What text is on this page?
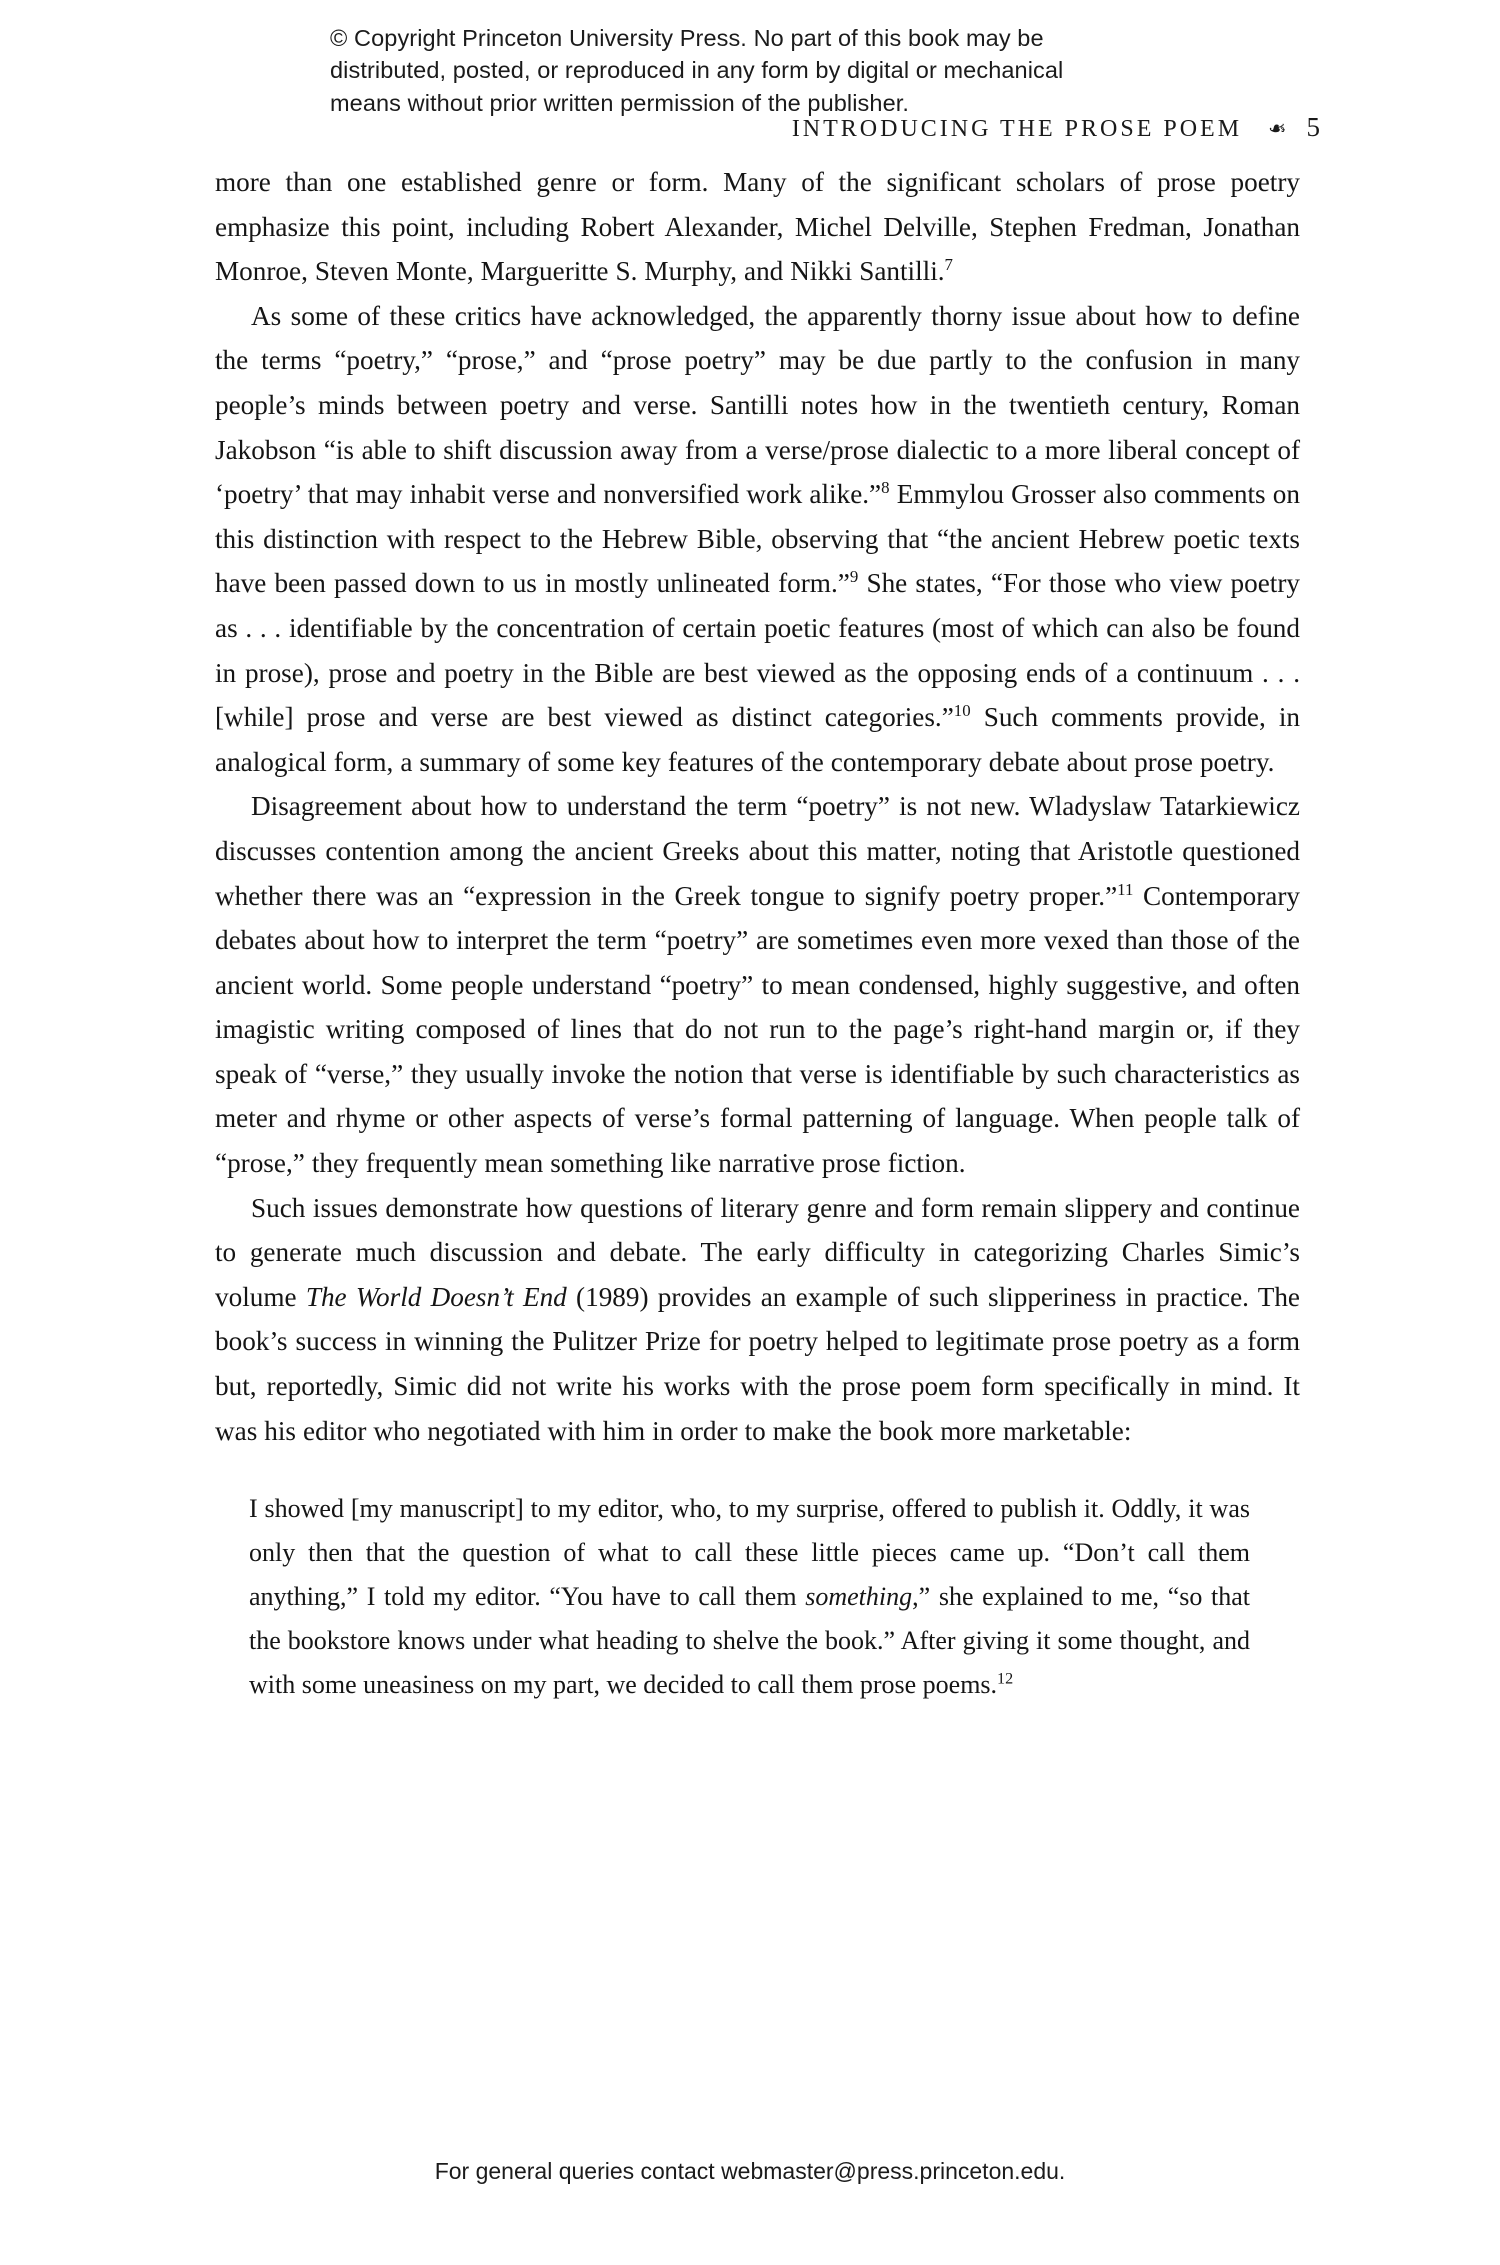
© Copyright Princeton University Press. No part of this book may be
distributed, posted, or reproduced in any form by digital or mechanical
means without prior written permission of the publisher.
INTRODUCING THE PROSE POEM ❧ 5

more than one established genre or form. Many of the significant scholars of prose poetry emphasize this point, including Robert Alexander, Michel Delville, Stephen Fredman, Jonathan Monroe, Steven Monte, Margueritte S. Murphy, and Nikki Santilli.$^7$

As some of these critics have acknowledged, the apparently thorny issue about how to define the terms “poetry,” “prose,” and “prose poetry” may be due partly to the confusion in many people’s minds between poetry and verse. Santilli notes how in the twentieth century, Roman Jakobson “is able to shift discussion away from a verse/prose dialectic to a more liberal concept of ‘poetry’ that may inhabit verse and nonversified work alike.”$^8$ Emmylou Grosser also comments on this distinction with respect to the Hebrew Bible, observing that “the ancient Hebrew poetic texts have been passed down to us in mostly unlineated form.”$^9$ She states, “For those who view poetry as . . . identifiable by the concentration of certain poetic features (most of which can also be found in prose), prose and poetry in the Bible are best viewed as the opposing ends of a continuum . . . [while] prose and verse are best viewed as distinct categories.”$^{10}$ Such comments provide, in analogical form, a summary of some key features of the contemporary debate about prose poetry.

Disagreement about how to understand the term “poetry” is not new. Wladyslaw Tatarkiewicz discusses contention among the ancient Greeks about this matter, noting that Aristotle questioned whether there was an “expression in the Greek tongue to signify poetry proper.”$^{11}$ Contemporary debates about how to interpret the term “poetry” are sometimes even more vexed than those of the ancient world. Some people understand “poetry” to mean condensed, highly suggestive, and often imagistic writing composed of lines that do not run to the page’s right-hand margin or, if they speak of “verse,” they usually invoke the notion that verse is identifiable by such characteristics as meter and rhyme or other aspects of verse’s formal patterning of language. When people talk of “prose,” they frequently mean something like narrative prose fiction.

Such issues demonstrate how questions of literary genre and form remain slippery and continue to generate much discussion and debate. The early difficulty in categorizing Charles Simic’s volume The World Doesn’t End (1989) provides an example of such slipperiness in practice. The book’s success in winning the Pulitzer Prize for poetry helped to legitimate prose poetry as a form but, reportedly, Simic did not write his works with the prose poem form specifically in mind. It was his editor who negotiated with him in order to make the book more marketable:

I showed [my manuscript] to my editor, who, to my surprise, offered to publish it. Oddly, it was only then that the question of what to call these little pieces came up. “Don’t call them anything,” I told my editor. “You have to call them something,” she explained to me, “so that the bookstore knows under what heading to shelve the book.” After giving it some thought, and with some uneasiness on my part, we decided to call them prose poems.$^{12}$

For general queries contact webmaster@press.princeton.edu.
